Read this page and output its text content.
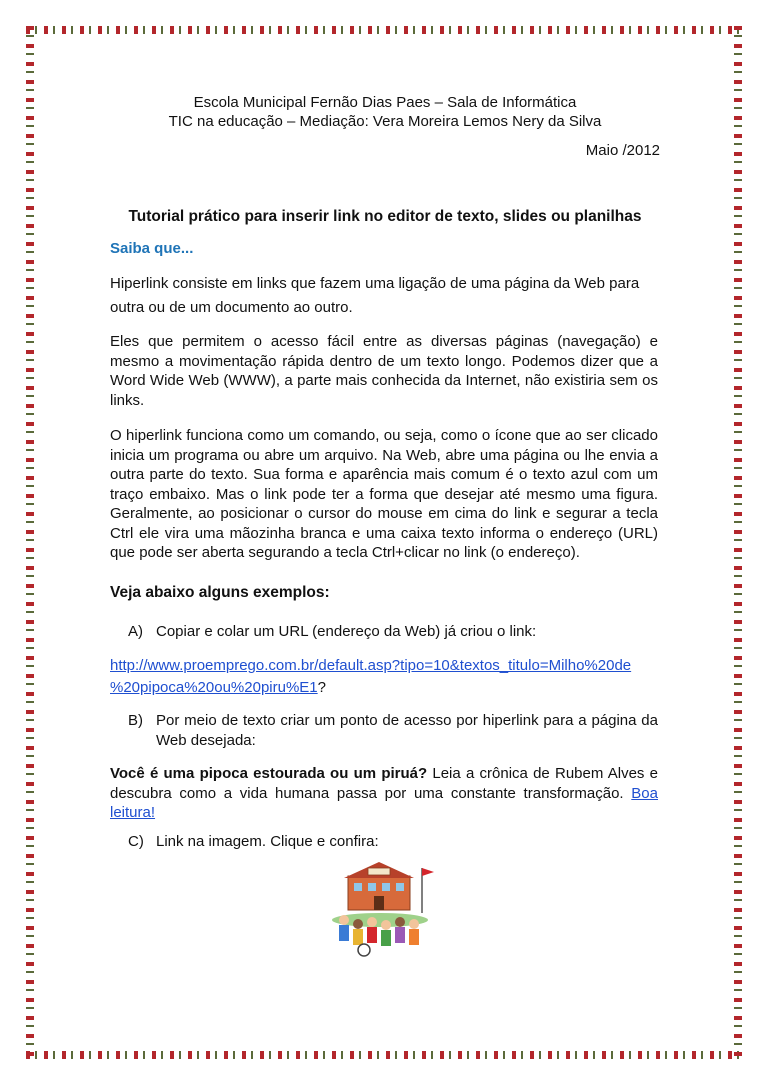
Escola Municipal Fernão Dias Paes – Sala de Informática
TIC na educação – Mediação: Vera Moreira Lemos Nery da Silva
Maio /2012
Tutorial prático para inserir link no editor de texto, slides ou planilhas
Saiba que...

Hiperlink consiste em links que fazem uma ligação de uma página da Web para outra ou de um documento ao outro.

Eles que permitem o acesso fácil entre as diversas páginas (navegação) e mesmo a movimentação rápida dentro de um texto longo. Podemos dizer que a Word Wide Web (WWW), a parte mais conhecida da Internet, não existiria sem os links.

O hiperlink funciona como um comando, ou seja, como o ícone que ao ser clicado inicia um programa ou abre um arquivo. Na Web, abre uma página ou lhe envia a outra parte do texto. Sua forma e aparência mais comum é o texto azul com um traço embaixo. Mas o link pode ter a forma que desejar até mesmo uma figura. Geralmente, ao posicionar o cursor do mouse em cima do link e segurar a tecla Ctrl ele vira uma mãozinha branca e uma caixa texto informa o endereço (URL) que pode ser aberta segurando a tecla Ctrl+clicar no link (o endereço).

Veja abaixo alguns exemplos:
A) Copiar e colar um URL (endereço da Web) já criou o link:
http://www.proemprego.com.br/default.asp?tipo=10&textos_titulo=Milho%20de
%20pipoca%20ou%20piru%E1?
B) Por meio de texto criar um ponto de acesso por hiperlink para a página da Web desejada:

Você é uma pipoca estourada ou um piruá? Leia a crônica de Rubem Alves e descubra como a vida humana passa por uma constante transformação. Boa leitura!

C) Link na imagem. Clique e confira:
